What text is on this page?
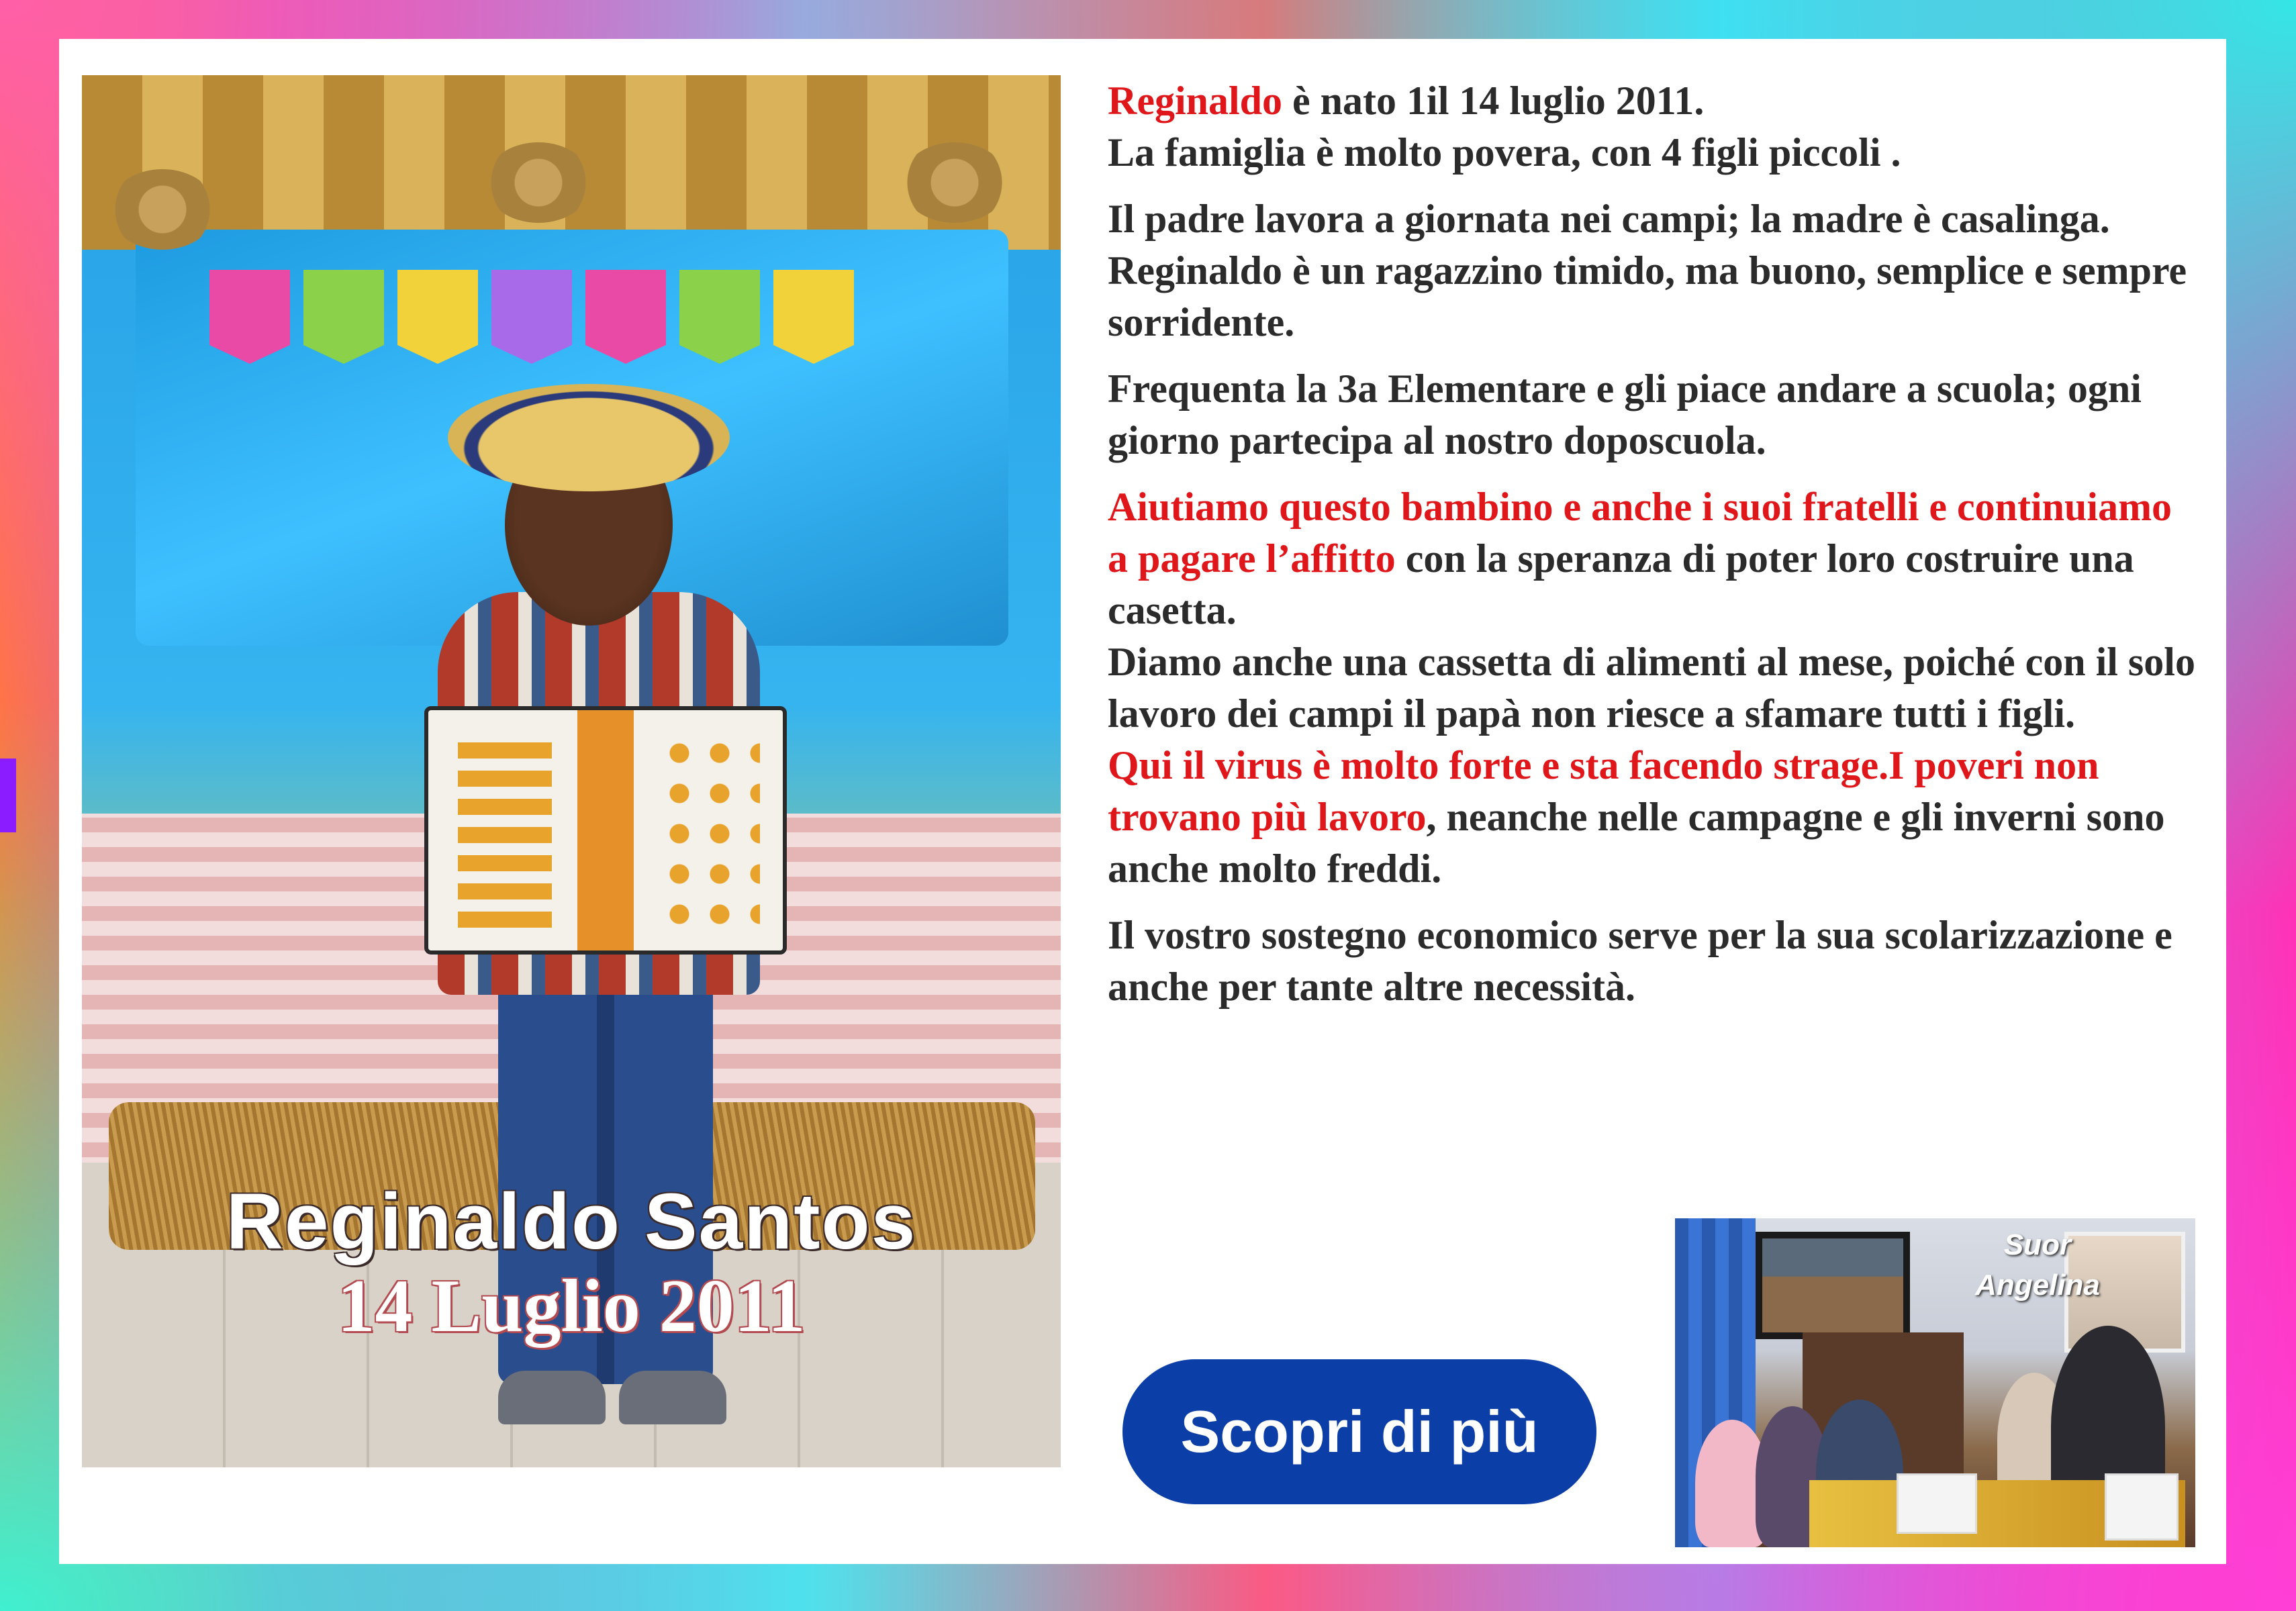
Reginaldo Santos
14 Luglio 2011

Reginaldo è nato 1il 14 luglio 2011.
La famiglia è molto povera, con 4 figli piccoli .

Il padre lavora a giornata nei campi; la madre è casalinga.
Reginaldo è un ragazzino timido, ma buono, semplice e sempre sorridente.

Frequenta la 3a Elementare e gli piace andare a scuola; ogni giorno partecipa al nostro doposcuola.

Aiutiamo questo bambino e anche i suoi fratelli e continuiamo a pagare l’affitto con la speranza di poter loro costruire una casetta.
Diamo anche una cassetta di alimenti al mese, poiché con il solo lavoro dei campi il papà non riesce a sfamare tutti i figli.
Qui il virus è molto forte e sta facendo strage.I poveri non trovano più lavoro, neanche nelle campagne e gli inverni sono anche molto freddi.

Il vostro sostegno economico serve per la sua scolarizzazione e anche per tante altre necessità.

Scopri di più
Suor
Angelina
